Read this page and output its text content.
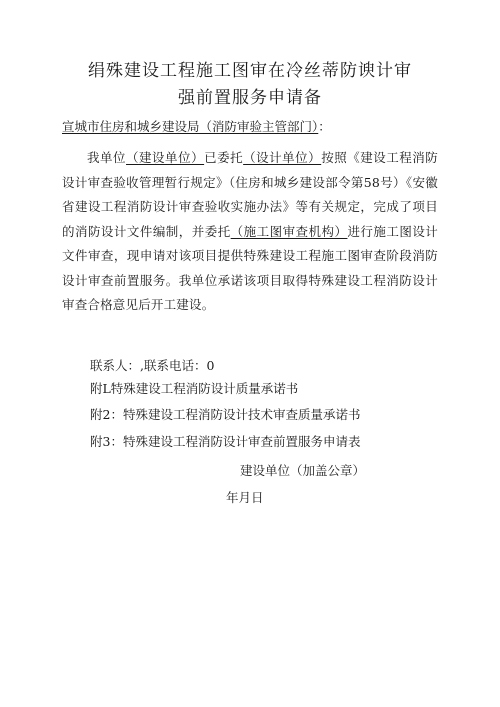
绢殊建设工程施工图审在冷丝蒂防谀计审
强前置服务申请备
宣城市住房和城乡建设局（消防审验主管部门）：
我单位（建设单位）已委托（设计单位）按照《建设工程消防设计审查验收管理暂行规定》（住房和城乡建设部令第58号）《安徽省建设工程消防设计审查验收实施办法》等有关规定，完成了项目的消防设计文件编制，并委托（施工图审查机构）进行施工图设计文件审查，现申请对该项目提供特殊建设工程施工图审查阶段消防设计审查前置服务。我单位承诺该项目取得特殊建设工程消防设计审查合格意见后开工建设。
联系人：,联系电话：0
附L特殊建设工程消防设计质量承诺书
附2：特殊建设工程消防设计技术审查质量承诺书
附3：特殊建设工程消防设计审查前置服务申请表
建设单位（加盖公章）
年月日
